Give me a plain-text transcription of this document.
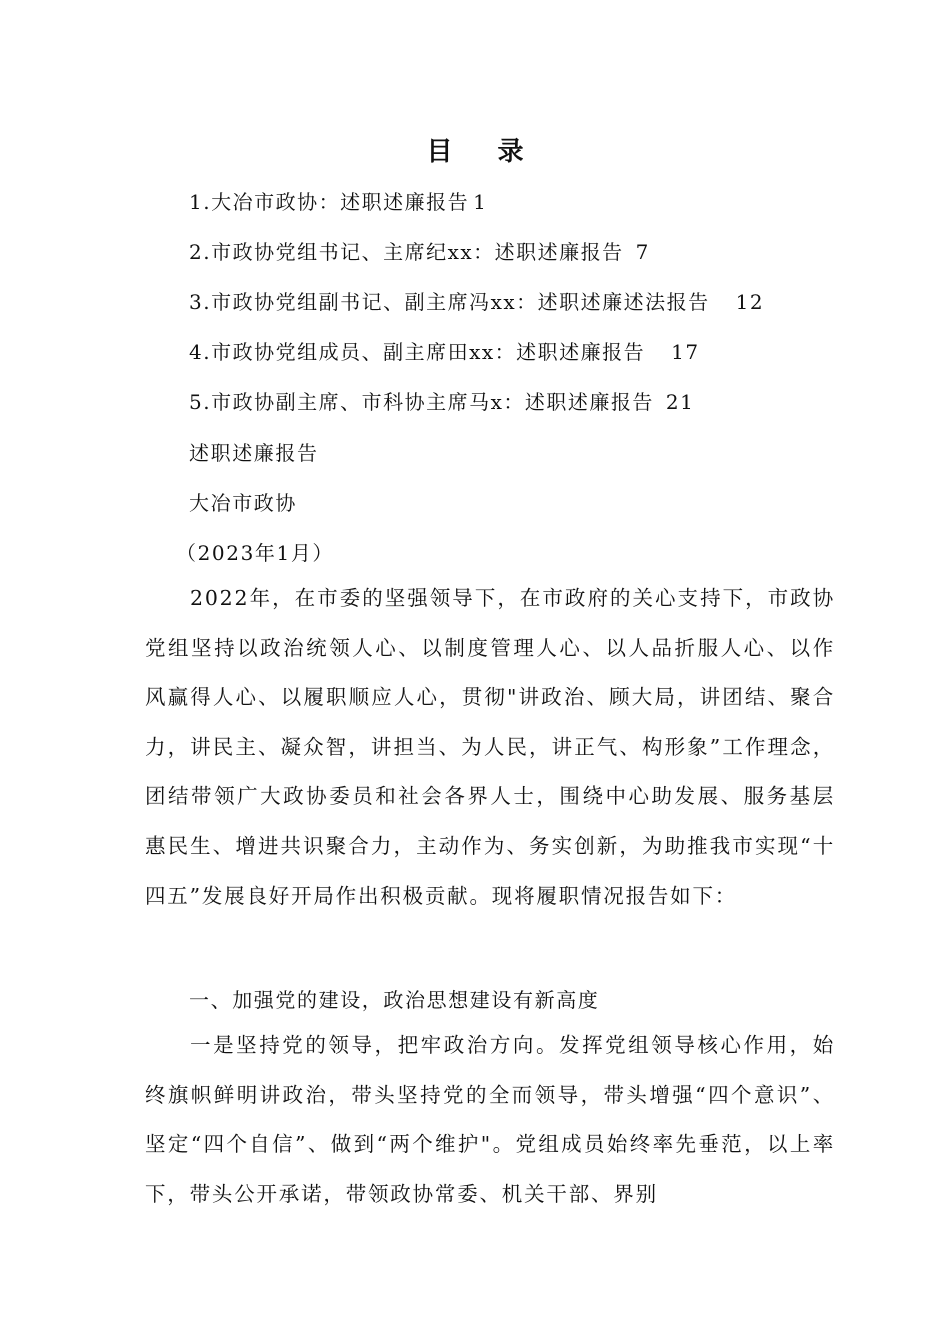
目 录
1.大冶市政协：述职述廉报告 1
2.市政协党组书记、主席纪xx：述职述廉报告 7
3.市政协党组副书记、副主席冯xx：述职述廉述法报告 12
4.市政协党组成员、副主席田xx：述职述廉报告 17
5.市政协副主席、市科协主席马x：述职述廉报告 21
述职述廉报告
大冶市政协
（2023年1月）
2022年，在市委的坚强领导下，在市政府的关心支持下，市政协党组坚持以政治统领人心、以制度管理人心、以人品折服人心、以作风赢得人心、以履职顺应人心，贯彻"讲政治、顾大局，讲团结、聚合力，讲民主、凝众智，讲担当、为人民，讲正气、构形象”工作理念，团结带领广大政协委员和社会各界人士，围绕中心助发展、服务基层惠民生、增进共识聚合力，主动作为、务实创新，为助推我市实现“十四五”发展良好开局作出积极贡献。现将履职情况报告如下：
一、加强党的建设，政治思想建设有新高度
一是坚持党的领导，把牢政治方向。发挥党组领导核心作用，始终旗帜鲜明讲政治，带头坚持党的全而领导，带头增强“四个意识”、坚定“四个自信”、做到“两个维护"。党组成员始终率先垂范，以上率下，带头公开承诺，带领政协常委、机关干部、界别
